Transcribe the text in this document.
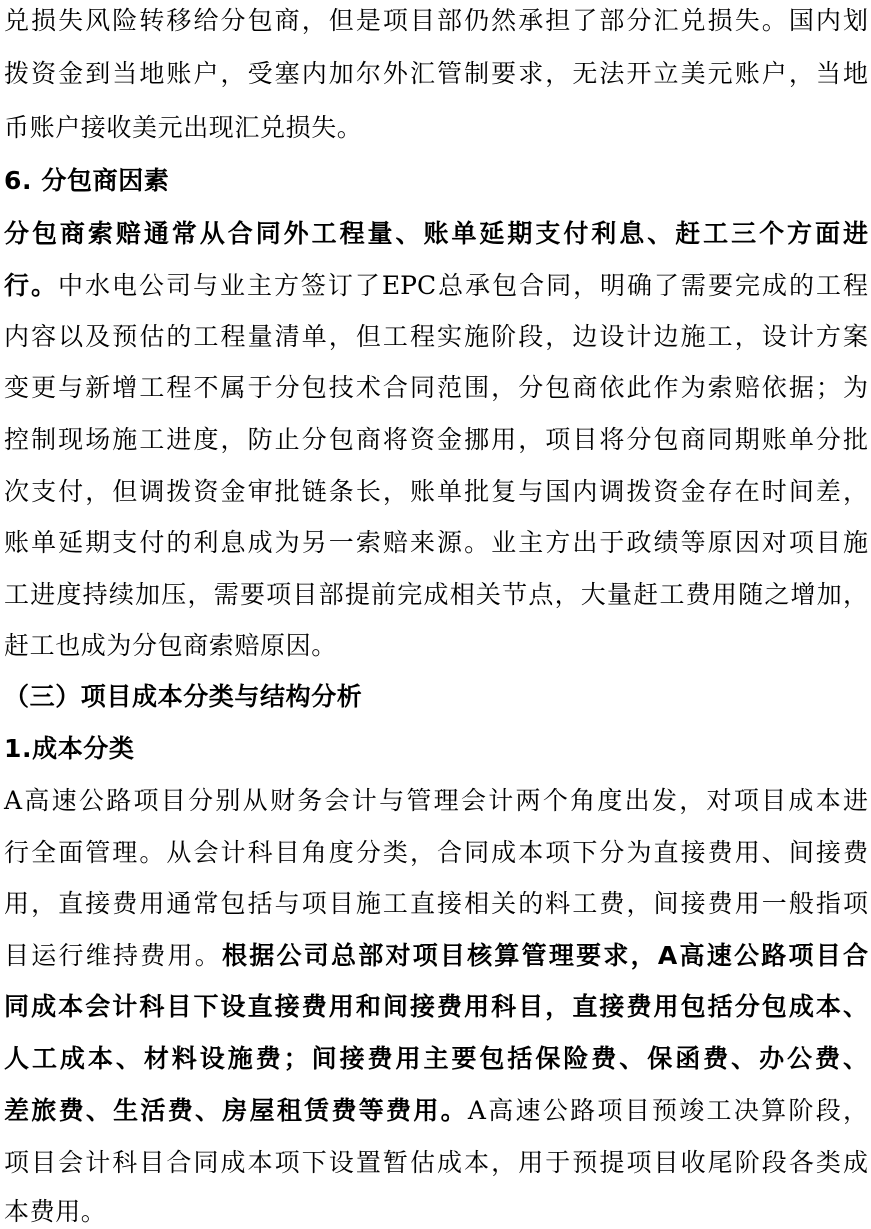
兑损失风险转移给分包商，但是项目部仍然承担了部分汇兑损失。国内划
拨资金到当地账户，受塞内加尔外汇管制要求，无法开立美元账户，当地
币账户接收美元出现汇兑损失。
6. 分包商因素
分包商索赔通常从合同外工程量、账单延期支付利息、赶工三个方面进
行。中水电公司与业主方签订了EPC总承包合同，明确了需要完成的工程
内容以及预估的工程量清单，但工程实施阶段，边设计边施工，设计方案
变更与新增工程不属于分包技术合同范围，分包商依此作为索赔依据；为
控制现场施工进度，防止分包商将资金挪用，项目将分包商同期账单分批
次支付，但调拨资金审批链条长，账单批复与国内调拨资金存在时间差，
账单延期支付的利息成为另一索赔来源。业主方出于政绩等原因对项目施
工进度持续加压，需要项目部提前完成相关节点，大量赶工费用随之增加，
赶工也成为分包商索赔原因。
（三）项目成本分类与结构分析
1.成本分类
A高速公路项目分别从财务会计与管理会计两个角度出发，对项目成本进
行全面管理。从会计科目角度分类，合同成本项下分为直接费用、间接费
用，直接费用通常包括与项目施工直接相关的料工费，间接费用一般指项
目运行维持费用。根据公司总部对项目核算管理要求，A高速公路项目合
同成本会计科目下设直接费用和间接费用科目，直接费用包括分包成本、
人工成本、材料设施费；间接费用主要包括保险费、保函费、办公费、
差旅费、生活费、房屋租赁费等费用。A高速公路项目预竣工决算阶段，
项目会计科目合同成本项下设置暂估成本，用于预提项目收尾阶段各类成
本费用。
